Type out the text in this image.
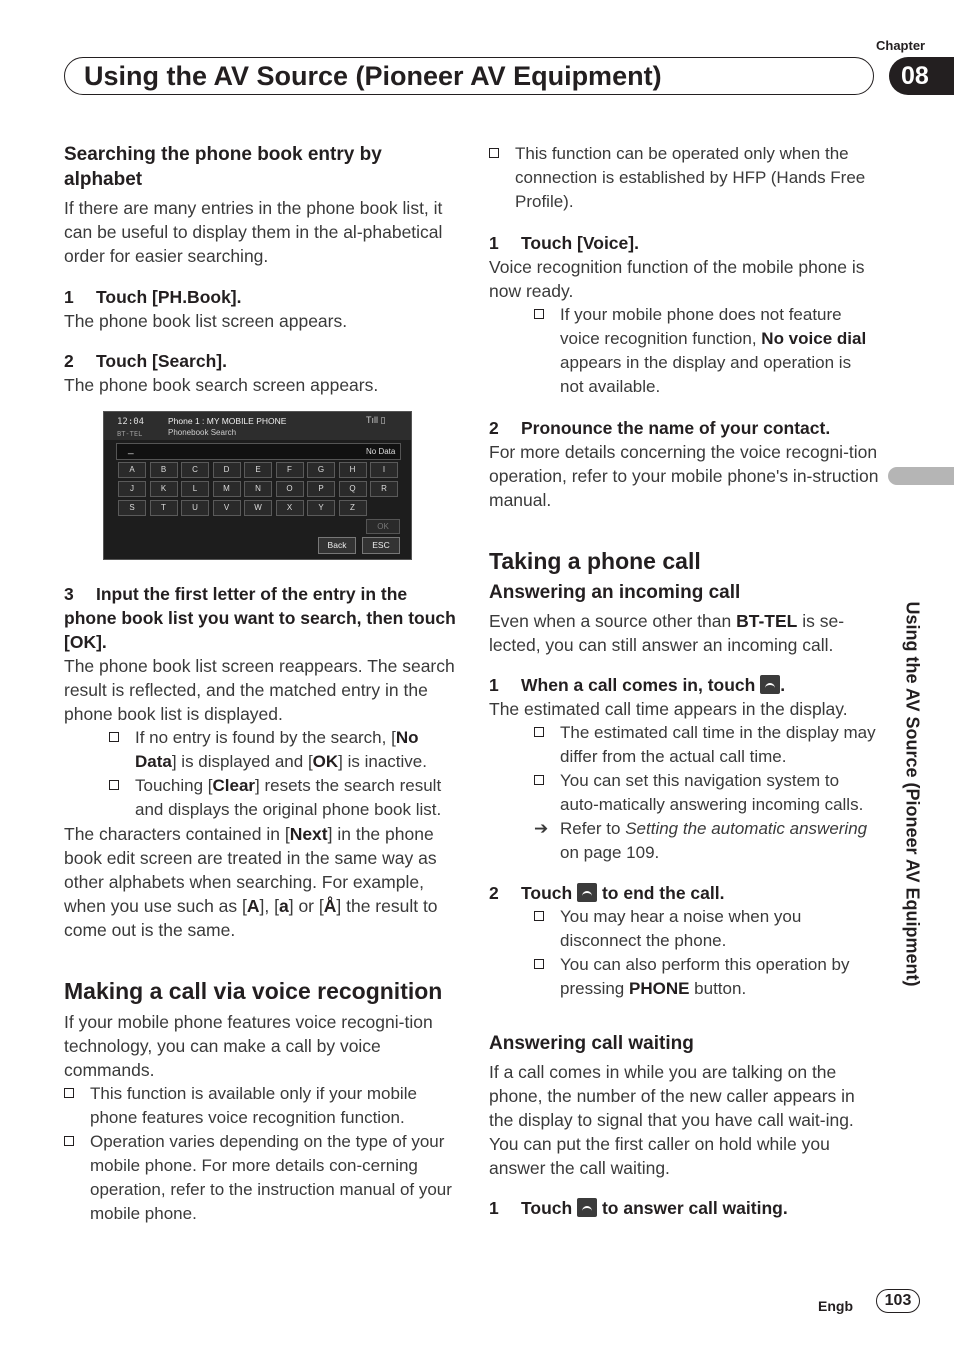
Chapter
Using the AV Source (Pioneer AV Equipment)	08
Using the AV Source (Pioneer AV Equipment)
Searching the phone book entry by alphabet

If there are many entries in the phone book list, it can be useful to display them in the al-phabetical order for easier searching.

1 Touch [PH.Book].

The phone book list screen appears.

2 Touch [Search].

The phone book search screen appears.

12:04
BT-TEL
Phone 1 : MY MOBILE PHONE
Phonebook Search
Tıll ▯
_	No Data
A	B	C	D	E	F	G	H	I
J	K	L	M	N	O	P	Q	R
S	T	U	V	W	X	Y	Z
OK
Back	ESC
3 Input the first letter of the entry in the phone book list you want to search, then touch [OK].

The phone book list screen reappears. The search result is reflected, and the matched entry in the phone book list is displayed.

If no entry is found by the search, [No Data] is displayed and [OK] is inactive.
Touching [Clear] resets the search result and displays the original phone book list.

The characters contained in [Next] in the phone book edit screen are treated in the same way as other alphabets when searching. For example, when you use such as [A], [a] or [Å] the result to come out is the same.

Making a call via voice recognition

If your mobile phone features voice recogni-tion technology, you can make a call by voice commands.

This function is available only if your mobile phone features voice recognition function.
Operation varies depending on the type of your mobile phone. For more details con-cerning operation, refer to the instruction manual of your mobile phone.
This function can be operated only when the connection is established by HFP (Hands Free Profile).
1 Touch [Voice].

Voice recognition function of the mobile phone is now ready.

If your mobile phone does not feature voice recognition function, No voice dial appears in the display and operation is not available.
2 Pronounce the name of your contact.

For more details concerning the voice recogni-tion operation, refer to your mobile phone's in-struction manual.

Taking a phone call
Answering an incoming call

Even when a source other than BT-TEL is se-lected, you can still answer an incoming call.

1 When a call comes in, touch .

The estimated call time appears in the display.

The estimated call time in the display may differ from the actual call time.
You can set this navigation system to auto-matically answering incoming calls.
➔ Refer to Setting the automatic answering on page 109.
2 Touch to end the call.
You may hear a noise when you disconnect the phone.
You can also perform this operation by pressing PHONE button.
Answering call waiting

If a call comes in while you are talking on the phone, the number of the new caller appears in the display to signal that you have call wait-ing. You can put the first caller on hold while you answer the call waiting.

1 Touch to answer call waiting.
Engb	103
